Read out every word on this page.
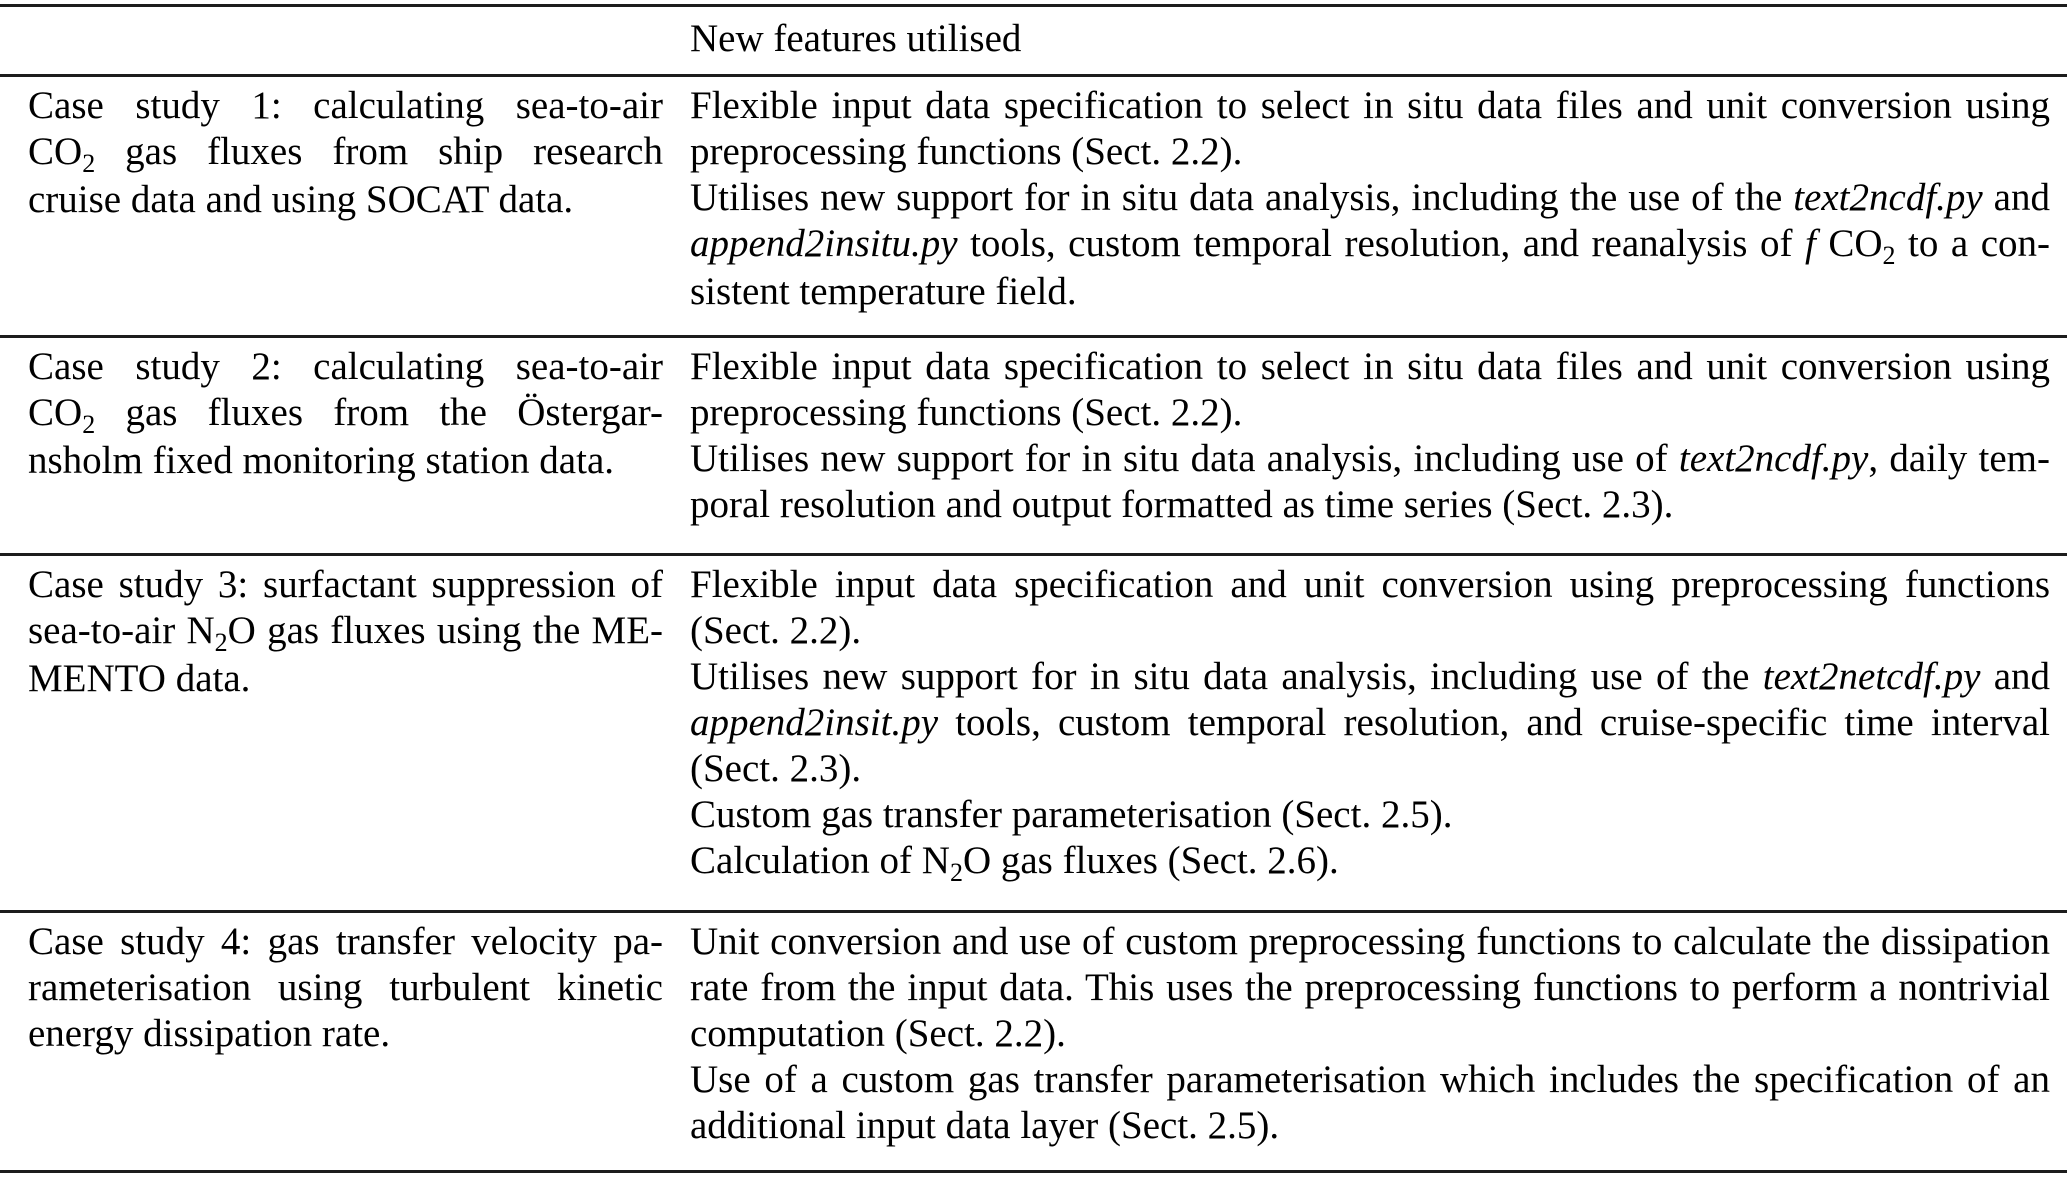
New features utilised
Case study 1: calculating sea-to-air
$CO_2$ gas fluxes from ship research
cruise data and using SOCAT data.
Flexible input data specification to select in situ data files and unit conversion using
preprocessing functions (Sect. 2.2).
Utilises new support for in situ data analysis, including the use of the text2ncdf.py and
append2insitu.py tools, custom temporal resolution, and reanalysis of f $CO_2$ to a con-
sistent temperature field.
Case study 2: calculating sea-to-air
$CO_2$ gas fluxes from the Östergar-
nsholm fixed monitoring station data.
Flexible input data specification to select in situ data files and unit conversion using
preprocessing functions (Sect. 2.2).
Utilises new support for in situ data analysis, including use of text2ncdf.py, daily tem-
poral resolution and output formatted as time series (Sect. 2.3).
Case study 3: surfactant suppression of
sea-to-air $N_2O$ gas fluxes using the ME-
MENTO data.
Flexible input data specification and unit conversion using preprocessing functions
(Sect. 2.2).
Utilises new support for in situ data analysis, including use of the text2netcdf.py and
append2insit.py tools, custom temporal resolution, and cruise-specific time interval
(Sect. 2.3).
Custom gas transfer parameterisation (Sect. 2.5).
Calculation of $N_2O$ gas fluxes (Sect. 2.6).
Case study 4: gas transfer velocity pa-
rameterisation using turbulent kinetic
energy dissipation rate.
Unit conversion and use of custom preprocessing functions to calculate the dissipation
rate from the input data. This uses the preprocessing functions to perform a nontrivial
computation (Sect. 2.2).
Use of a custom gas transfer parameterisation which includes the specification of an
additional input data layer (Sect. 2.5).
